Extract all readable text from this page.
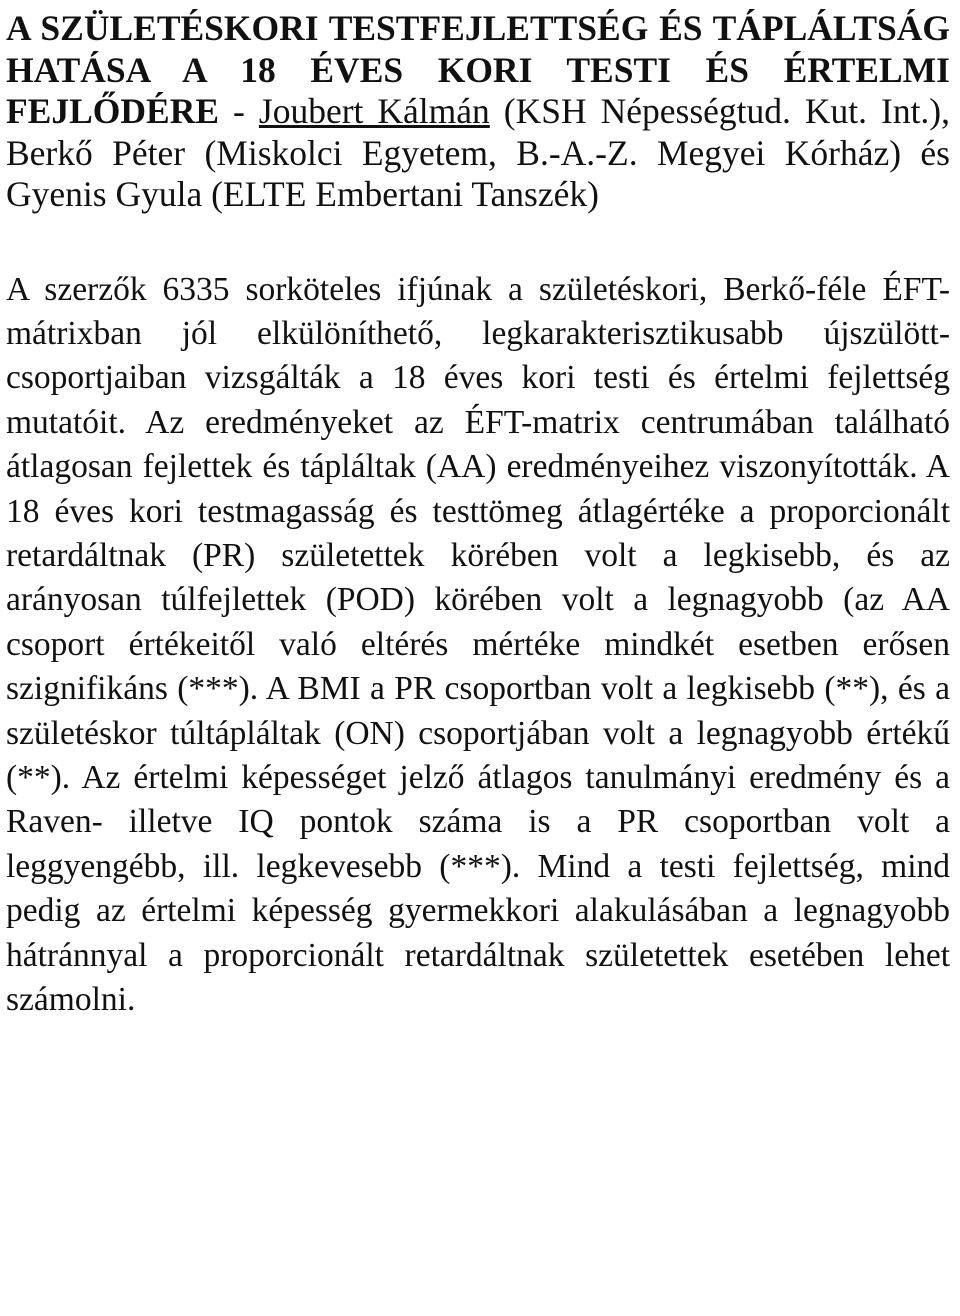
A SZÜLETÉSKORI TESTFEJLETTSÉG ÉS TÁPLÁLTSÁG HATÁSA A 18 ÉVES KORI TESTI ÉS ÉRTELMI FEJLŐDÉRE - Joubert Kálmán (KSH Népességtud. Kut. Int.), Berkő Péter (Miskolci Egyetem, B.-A.-Z. Megyei Kórház) és Gyenis Gyula (ELTE Embertani Tanszék)

A szerzők 6335 sorköteles ifjúnak a születéskori, Berkő-féle ÉFT-mátrixban jól elkülöníthető, legkarakterisztikusabb újszülött-csoportjaiban vizsgálták a 18 éves kori testi és értelmi fejlettség mutatóit. Az eredményeket az ÉFT-matrix centrumában található átlagosan fejlettek és tápláltak (AA) eredményeihez viszonyították. A 18 éves kori testmagasság és testtömeg átlagértéke a proporcionált retardáltnak (PR) születettek körében volt a legkisebb, és az arányosan túlfejlettek (POD) körében volt a legnagyobb (az AA csoport értékeitől való eltérés mértéke mindkét esetben erősen szignifikáns (***). A BMI a PR csoportban volt a legkisebb (**), és a születéskor túltápláltak (ON) csoportjában volt a legnagyobb értékű (**). Az értelmi képességet jelző átlagos tanulmányi eredmény és a Raven- illetve IQ pontok száma is a PR csoportban volt a leggyengébb, ill. legkevesebb (***). Mind a testi fejlettség, mind pedig az értelmi képesség gyermekkori alakulásában a legnagyobb hátránnyal a proporcionált retardáltnak születettek esetében lehet számolni.
